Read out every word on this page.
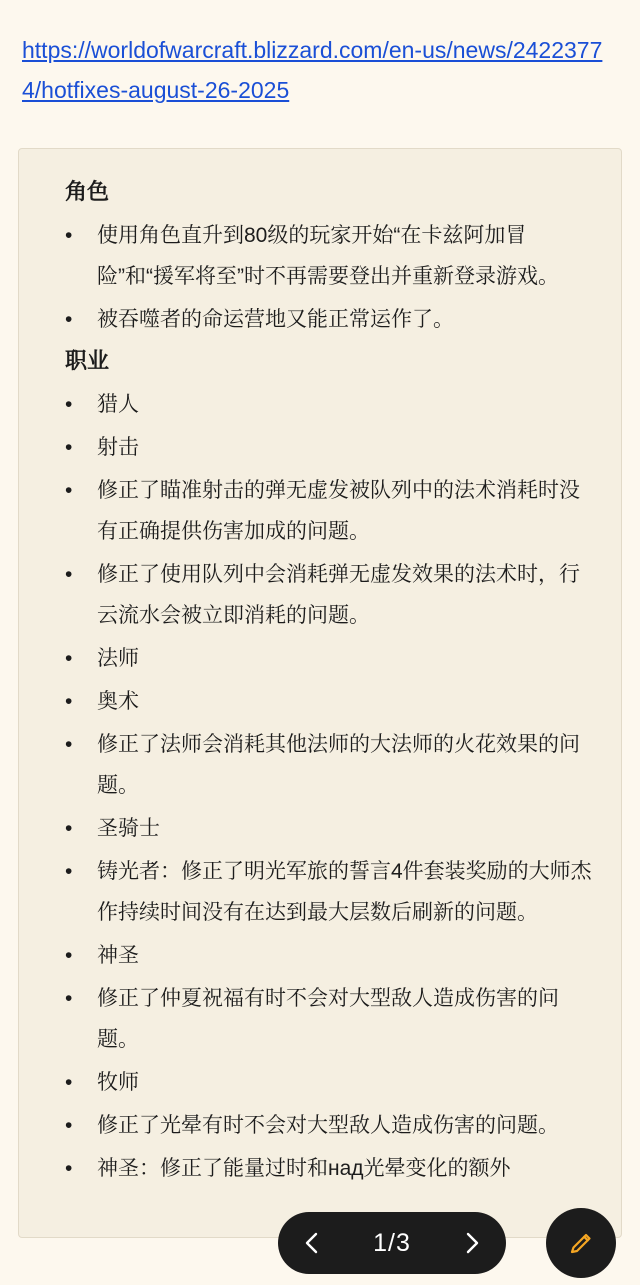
https://worldofwarcraft.blizzard.com/en-us/news/24223774/hotfixes-august-26-2025
角色
• 使用角色直升到80级的玩家开始“在卡兹阿加冒险”和“援军将至”时不再需要登出并重新登录游戏。
• 被吞噬者的命运营地又能正常运作了。
职业
• 猎人
• 射击
• 修正了瞄准射击的弹无虚发被队列中的法术消耗时没有正确提供伤害加成的问题。
• 修正了使用队列中会消耗弹无虚发效果的法术时，行云流水会被立即消耗的问题。
• 法师
• 奥术
• 修正了法师会消耗其他法师的大法师的火花效果的问题。
• 圣骑士
• 铸光者：修正了明光军旅的誓言4件套装奖励的大师杰作持续时间没有在达到最大层数后刷新的问题。
• 神圣
• 修正了仲夏祝福有时不会对大型敌人造成伤害的问题。
• 牧师
• 修正了光晕有时不会对大型敌人造成伤害的问题。
• 神圣：修正了能量过时和над光晕变化的额外
1/3
